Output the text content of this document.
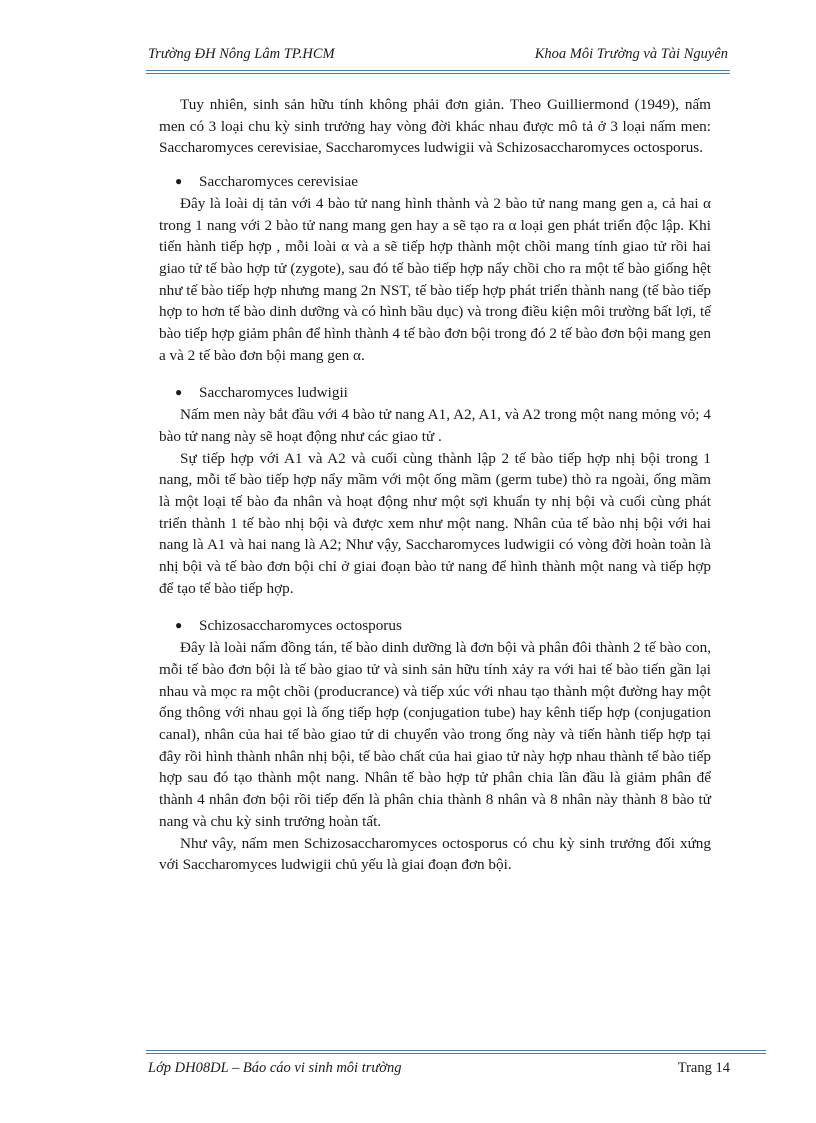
Trường ĐH Nông Lâm TP.HCM	Khoa Môi Trường và Tài Nguyên

Tuy nhiên, sinh sản hữu tính không phải đơn giản. Theo Guilliermond (1949), nấm men có 3 loại chu kỳ sinh trưởng hay vòng đời khác nhau được mô tả ở 3 loại nấm men: Saccharomyces cerevisiae, Saccharomyces ludwigii và Schizosaccharomyces octosporus.

● Saccharomyces cerevisiae

Đây là loài dị tản với 4 bào tử nang hình thành và 2 bào tử nang mang gen a, cả hai α trong 1 nang với 2 bào tử nang mang gen hay a sẽ tạo ra α loại gen phát triển độc lập. Khi tiến hành tiếp hợp , mỗi loài α và a sẽ tiếp hợp thành một chồi mang tính giao tử rồi hai giao tử tế bào hợp tử (zygote), sau đó tế bào tiếp hợp nẩy chồi cho ra một tế bào giống hệt như tế bào tiếp hợp nhưng mang 2n NST, tế bào tiếp hợp phát triển thành nang (tế bào tiếp hợp to hơn tế bào dinh dưỡng và có hình bầu dục) và trong điều kiện môi trường bất lợi, tế bào tiếp hợp giảm phân để hình thành 4 tế bào đơn bội trong đó 2 tế bào đơn bội mang gen a và 2 tế bào đơn bội mang gen α.

● Saccharomyces ludwigii

Nấm men này bắt đầu với 4 bào tử nang A1, A2, A1, và A2 trong một nang mỏng vỏ; 4 bào tử nang này sẽ hoạt động như các giao tử .

Sự tiếp hợp với A1 và A2 và cuối cùng thành lập 2 tế bào tiếp hợp nhị bội trong 1 nang, mỗi tế bào tiếp hợp nẩy mầm với một ống mầm (germ tube) thò ra ngoài, ống mầm là một loại tế bào đa nhân và hoạt động như một sợi khuẩn ty nhị bội và cuối cùng phát triển thành 1 tế bào nhị bội và được xem như một nang. Nhân của tế bào nhị bội với hai nang là A1 và hai nang là A2; Như vậy, Saccharomyces ludwigii có vòng đời hoàn toàn là nhị bội và tế bào đơn bội chỉ ở giai đoạn bào tử nang để hình thành một nang và tiếp hợp để tạo tế bào tiếp hợp.

● Schizosaccharomyces octosporus

Đây là loài nấm đồng tán, tế bào dinh dưỡng là đơn bội và phân đôi thành 2 tế bào con, mỗi tế bào đơn bội là tế bào giao tử và sinh sản hữu tính xảy ra với hai tế bào tiến gần lại nhau và mọc ra một chồi (producrance) và tiếp xúc với nhau tạo thành một đường hay một ống thông với nhau gọi là ống tiếp hợp (conjugation tube) hay kênh tiếp hợp (conjugation canal), nhân của hai tế bào giao tử di chuyển vào trong ống này và tiến hành tiếp hợp tại đây rồi hình thành nhân nhị bội, tế bào chất của hai giao tử này hợp nhau thành tế bào tiếp hợp sau đó tạo thành một nang. Nhân tế bào hợp tử phân chia lần đầu là giảm phân để thành 4 nhân đơn bội rồi tiếp đến là phân chia thành 8 nhân và 8 nhân này thành 8 bào tử nang và chu kỳ sinh trưởng hoàn tất.

Như vây, nấm men Schizosaccharomyces octosporus có chu kỳ sinh trưởng đối xứng với Saccharomyces ludwigii chủ yếu là giai đoạn đơn bội.

Lớp DH08DL – Báo cáo vi sinh môi trường	Trang 14
